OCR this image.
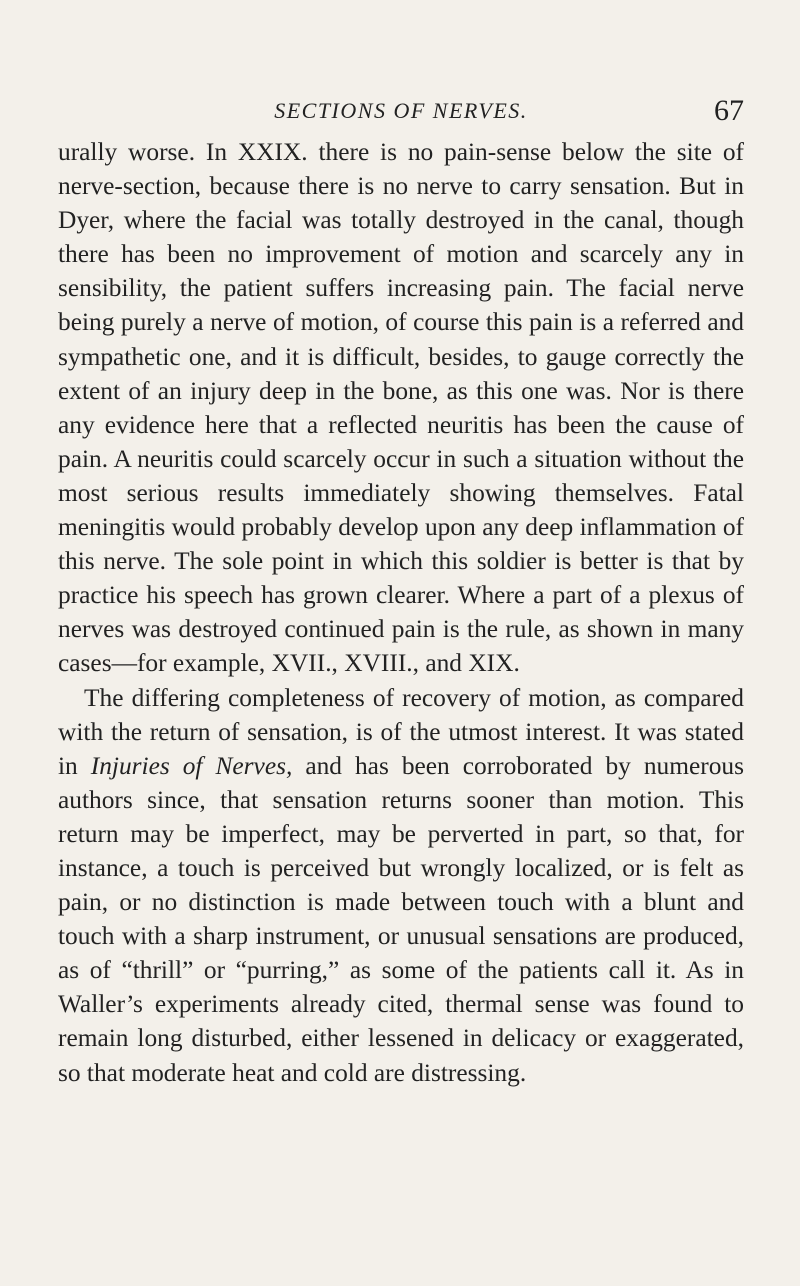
SECTIONS OF NERVES.	67

urally worse. In XXIX. there is no pain-sense below the site of nerve-section, because there is no nerve to carry sensation. But in Dyer, where the facial was totally destroyed in the canal, though there has been no improvement of motion and scarcely any in sensibility, the patient suffers increasing pain. The facial nerve being purely a nerve of motion, of course this pain is a referred and sympathetic one, and it is difficult, besides, to gauge correctly the extent of an injury deep in the bone, as this one was. Nor is there any evidence here that a reflected neuritis has been the cause of pain. A neuritis could scarcely occur in such a situation without the most serious results immediately showing themselves. Fatal meningitis would probably develop upon any deep inflammation of this nerve. The sole point in which this soldier is better is that by practice his speech has grown clearer. Where a part of a plexus of nerves was destroyed continued pain is the rule, as shown in many cases—for example, XVII., XVIII., and XIX.

The differing completeness of recovery of motion, as compared with the return of sensation, is of the utmost interest. It was stated in Injuries of Nerves, and has been corroborated by numerous authors since, that sensation returns sooner than motion. This return may be imperfect, may be perverted in part, so that, for instance, a touch is perceived but wrongly localized, or is felt as pain, or no distinction is made between touch with a blunt and touch with a sharp instrument, or unusual sensations are produced, as of “thrill” or “purring,” as some of the patients call it. As in Waller’s experiments already cited, thermal sense was found to remain long disturbed, either lessened in delicacy or exaggerated, so that moderate heat and cold are distressing.
